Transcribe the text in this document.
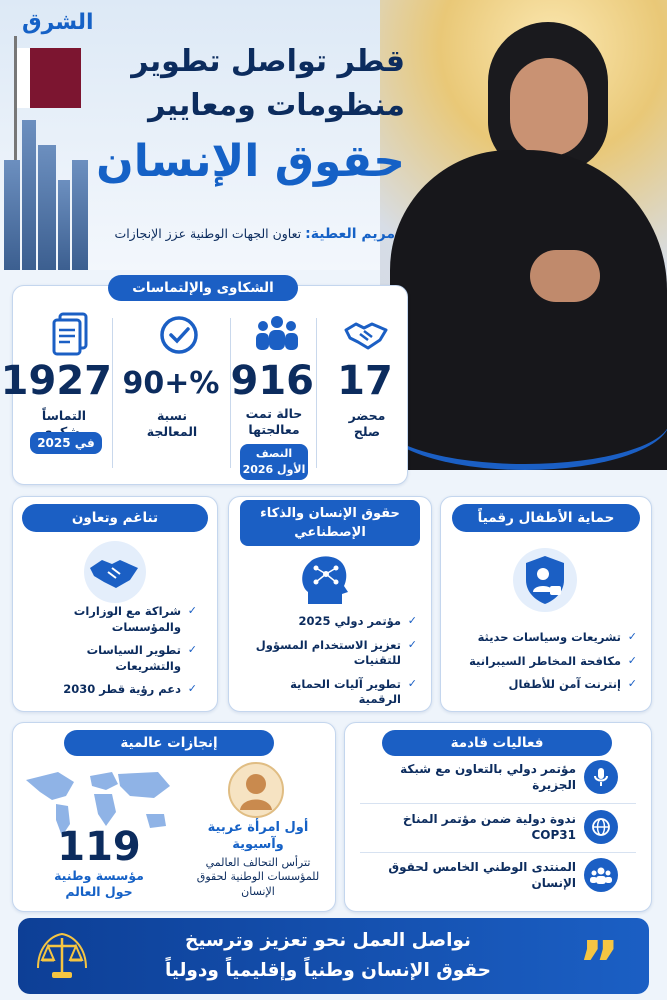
الشرق
قطر تواصل تطوير
منظومات ومعايير
حقوق الإنسان
مريم العطية: تعاون الجهات الوطنية عزز الإنجازات
الشكاوى والإلتماسات
17
محضر صلح
916
حالة تمت معالجتها
النصف الأول 2026
90+%
نسبة المعالجة
1927
التماساً
في 2025
حماية الأطفال رقمياً
✓ تشريعات وسياسات حديثة
✓ مكافحة المخاطر السيبرانية
✓ إنترنت آمن للأطفال
حقوق الإنسان والذكاء الإصطناعي
✓ مؤتمر دولي 2025
✓ تعزيز الاستخدام المسؤول للتقنيات
✓ تطوير آليات الحماية الرقمية
تناغم وتعاون
✓ شراكة مع الوزارات والمؤسسات
✓ تطوير السياسات والتشريعات
✓ دعم رؤية قطر 2030
فعاليات قادمة
مؤتمر دولي بالتعاون مع شبكة الجزيرة
ندوة دولية ضمن مؤتمر المناخ COP31
المنتدى الوطني الخامس لحقوق الإنسان
إنجازات عالمية
أول امرأة عربية وآسيوية
تترأس التحالف العالمي للمؤسسات الوطنية لحقوق الإنسان
119
مؤسسة وطنية حول العالم
”
نواصل العمل نحو تعزيز وترسيخ
حقوق الإنسان وطنياً وإقليمياً ودولياً
